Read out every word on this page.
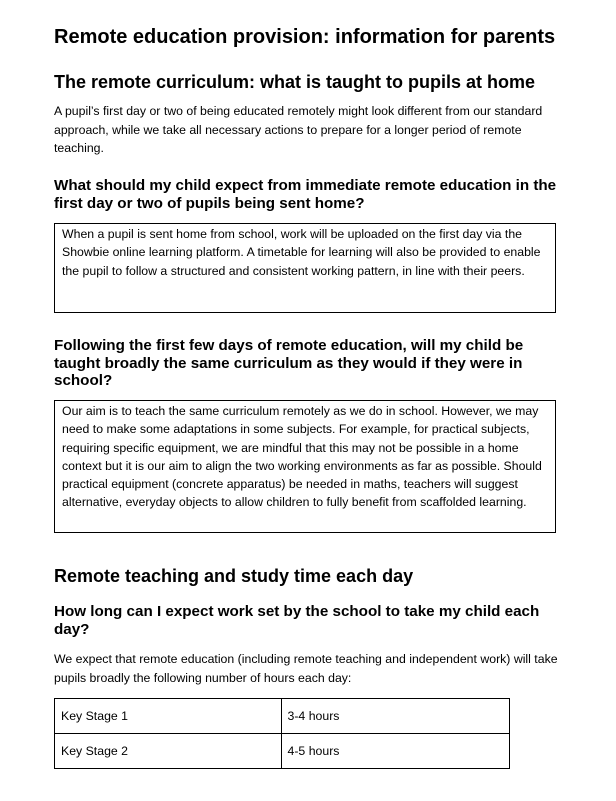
Remote education provision: information for parents
The remote curriculum: what is taught to pupils at home
A pupil’s first day or two of being educated remotely might look different from our standard approach, while we take all necessary actions to prepare for a longer period of remote teaching.
What should my child expect from immediate remote education in the first day or two of pupils being sent home?
When a pupil is sent home from school, work will be uploaded on the first day via the Showbie online learning platform. A timetable for learning will also be provided to enable the pupil to follow a structured and consistent working pattern, in line with their peers.
Following the first few days of remote education, will my child be taught broadly the same curriculum as they would if they were in school?
Our aim is to teach the same curriculum remotely as we do in school. However, we may need to make some adaptations in some subjects. For example, for practical subjects, requiring specific equipment, we are mindful that this may not be possible in a home context but it is our aim to align the two working environments as far as possible. Should practical equipment (concrete apparatus) be needed in maths, teachers will suggest alternative, everyday objects to allow children to fully benefit from scaffolded learning.
Remote teaching and study time each day
How long can I expect work set by the school to take my child each day?
We expect that remote education (including remote teaching and independent work) will take pupils broadly the following number of hours each day:
Key Stage 1	3-4 hours
Key Stage 2	4-5 hours
